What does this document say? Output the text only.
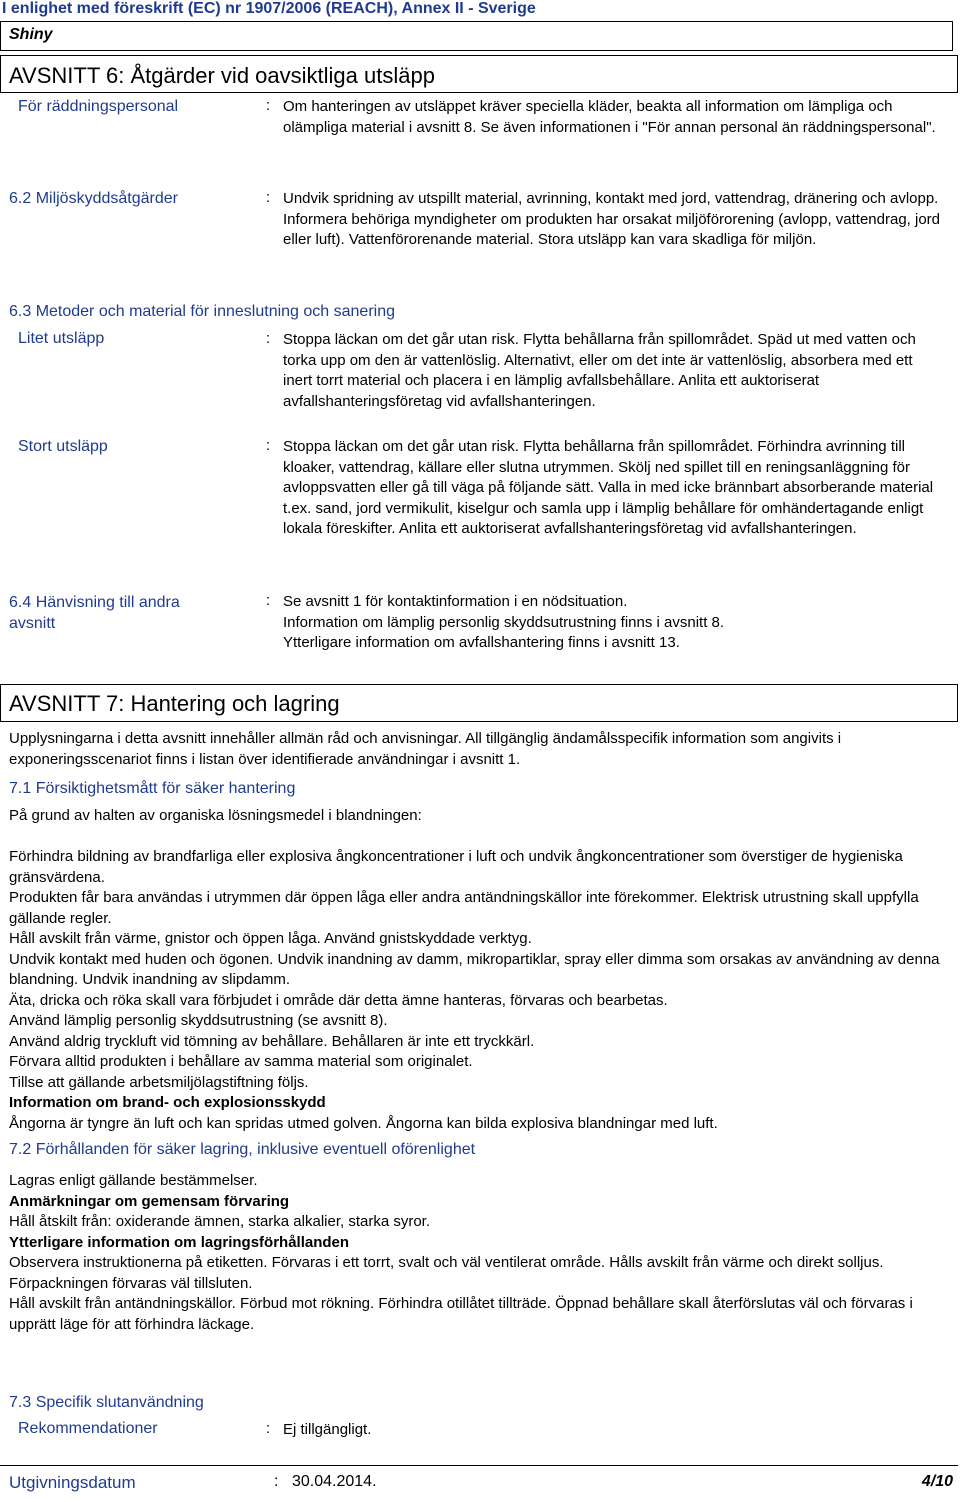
I enlighet med föreskrift (EC) nr 1907/2006 (REACH), Annex II - Sverige
Shiny
AVSNITT 6: Åtgärder vid oavsiktliga utsläpp
För räddningspersonal	: Om hanteringen av utsläppet kräver speciella kläder, beakta all information om lämpliga och olämpliga material i avsnitt 8. Se även informationen i "För annan personal än räddningspersonal".
6.2 Miljöskyddsåtgärder	: Undvik spridning av utspillt material, avrinning, kontakt med jord, vattendrag, dränering och avlopp. Informera behöriga myndigheter om produkten har orsakat miljöförorening (avlopp, vattendrag, jord eller luft). Vattenförorenande material. Stora utsläpp kan vara skadliga för miljön.
6.3 Metoder och material för inneslutning och sanering
Litet utsläpp	: Stoppa läckan om det går utan risk. Flytta behållarna från spillområdet. Späd ut med vatten och torka upp om den är vattenlöslig. Alternativt, eller om det inte är vattenlöslig, absorbera med ett inert torrt material och placera i en lämplig avfallsbehållare. Anlita ett auktoriserat avfallshanteringsföretag vid avfallshanteringen.
Stort utsläpp	: Stoppa läckan om det går utan risk. Flytta behållarna från spillområdet. Förhindra avrinning till kloaker, vattendrag, källare eller slutna utrymmen. Skölj ned spillet till en reningsanläggning för avloppsvatten eller gå till väga på följande sätt. Valla in med icke brännbart absorberande material t.ex. sand, jord vermikulit, kiselgur och samla upp i lämplig behållare för omhändertagande enligt lokala föreskifter. Anlita ett auktoriserat avfallshanteringsföretag vid avfallshanteringen.
6.4 Hänvisning till andra avsnitt
: Se avsnitt 1 för kontaktinformation i en nödsituation.

Information om lämplig personlig skyddsutrustning finns i avsnitt 8.

Ytterligare information om avfallshantering finns i avsnitt 13.

AVSNITT 7: Hantering och lagring
Upplysningarna i detta avsnitt innehåller allmän råd och anvisningar. All tillgänglig ändamålsspecifik information som angivits i exponeringsscenariot finns i listan över identifierade användningar i avsnitt 1.
7.1 Försiktighetsmått för säker hantering
På grund av halten av organiska lösningsmedel i blandningen:

Förhindra bildning av brandfarliga eller explosiva ångkoncentrationer i luft och undvik ångkoncentrationer som överstiger de hygieniska gränsvärdena.

Produkten får bara användas i utrymmen där öppen låga eller andra antändningskällor inte förekommer. Elektrisk utrustning skall uppfylla gällande regler.

Håll avskilt från värme, gnistor och öppen låga. Använd gnistskyddade verktyg.

Undvik kontakt med huden och ögonen. Undvik inandning av damm, mikropartiklar, spray eller dimma som orsakas av användning av denna blandning. Undvik inandning av slipdamm.

Äta, dricka och röka skall vara förbjudet i område där detta ämne hanteras, förvaras och bearbetas.

Använd lämplig personlig skyddsutrustning (se avsnitt 8).

Använd aldrig tryckluft vid tömning av behållare. Behållaren är inte ett tryckkärl.

Förvara alltid produkten i behållare av samma material som originalet.

Tillse att gällande arbetsmiljölagstiftning följs.

Information om brand- och explosionsskydd

Ångorna är tyngre än luft och kan spridas utmed golven. Ångorna kan bilda explosiva blandningar med luft.

7.2 Förhållanden för säker lagring, inklusive eventuell oförenlighet

Lagras enligt gällande bestämmelser.

Anmärkningar om gemensam förvaring

Håll åtskilt från: oxiderande ämnen, starka alkalier, starka syror.

Ytterligare information om lagringsförhållanden

Observera instruktionerna på etiketten. Förvaras i ett torrt, svalt och väl ventilerat område. Hålls avskilt från värme och direkt solljus.

Förpackningen förvaras väl tillsluten.

Håll avskilt från antändningskällor. Förbud mot rökning. Förhindra otillåtet tillträde. Öppnad behållare skall återförslutas väl och förvaras i upprätt läge för att förhindra läckage.

7.3 Specifik slutanvändning
Rekommendationer	: Ej tillgängligt.
Utgivningsdatum	: 30.04.2014.	4/10
